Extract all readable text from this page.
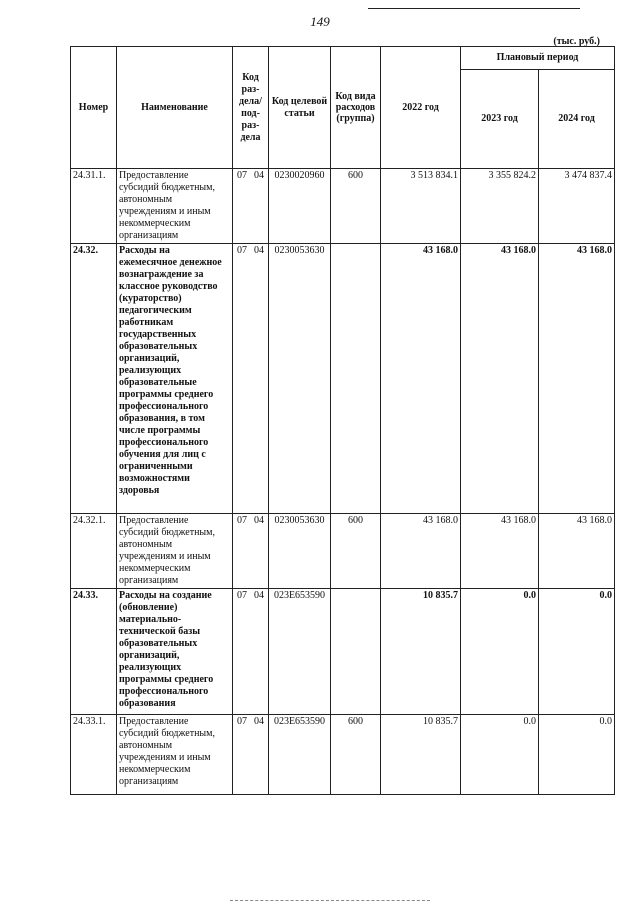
149
(тыс. руб.)
Номер	Наименование	Код раз-дела/ под-раз-дела	Код целевой статьи	Код вида расходов (группа)	2022 год	Плановый период	
						2023 год	2024 год
24.31.1.	Предоставление субсидий бюджетным, автономным учреждениям и иным некоммерческим организациям	07 04	0230020960	600	3 513 834.1	3 355 824.2	3 474 837.4
24.32.	Расходы на ежемесячное денежное вознаграждение за классное руководство (кураторство) педагогическим работникам государственных образовательных организаций, реализующих образовательные программы среднего профессионального образования, в том числе программы профессионального обучения для лиц с ограниченными возможностями здоровья	07 04	0230053630		43 168.0	43 168.0	43 168.0
24.32.1.	Предоставление субсидий бюджетным, автономным учреждениям и иным некоммерческим организациям	07 04	0230053630	600	43 168.0	43 168.0	43 168.0
24.33.	Расходы на создание (обновление) материально-технической базы образовательных организаций, реализующих программы среднего профессионального образования	07 04	023Е653590		10 835.7	0.0	0.0
24.33.1.	Предоставление субсидий бюджетным, автономным учреждениям и иным некоммерческим организациям	07 04	023Е653590	600	10 835.7	0.0	0.0
